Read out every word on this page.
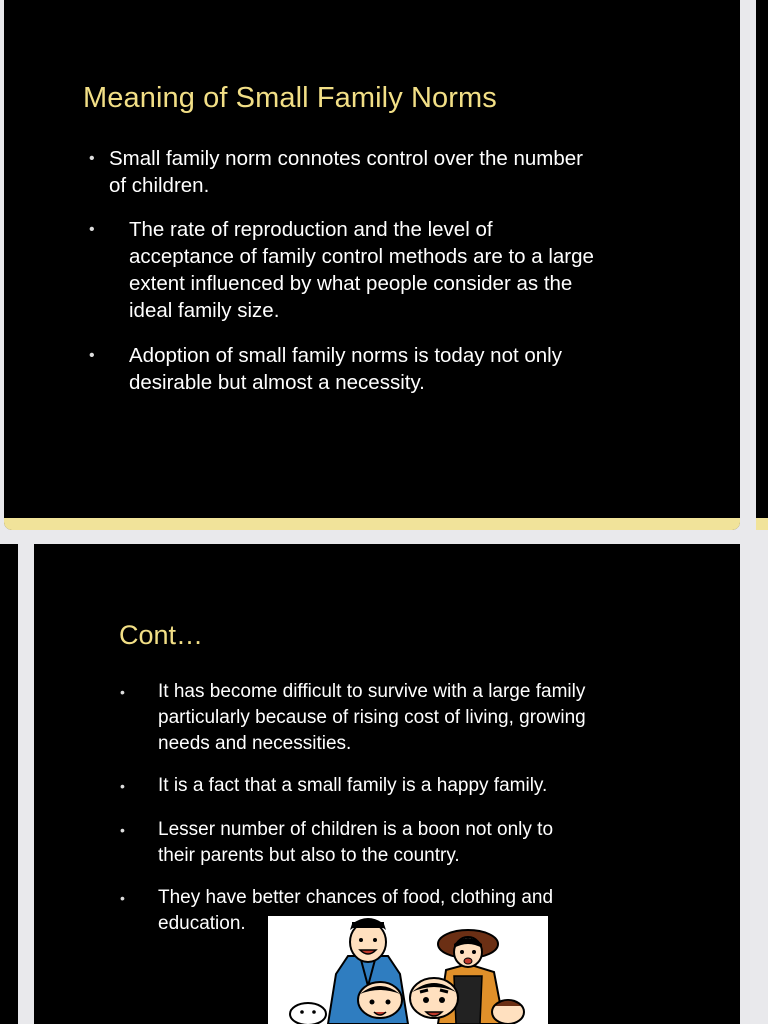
Meaning of Small Family Norms
• Small family norm connotes control over the number
of children.
• The rate of reproduction and the level of
acceptance of family control methods are to a large
extent influenced by what people consider as the
ideal family size.
• Adoption of small family norms is today not only
desirable but almost a necessity.
Cont…
• It has become difficult to survive with a large family
particularly because of rising cost of living, growing
needs and necessities.
• It is a fact that a small family is a happy family.
• Lesser number of children is a boon not only to
their parents but also to the country.
• They have better chances of food, clothing and
education.
